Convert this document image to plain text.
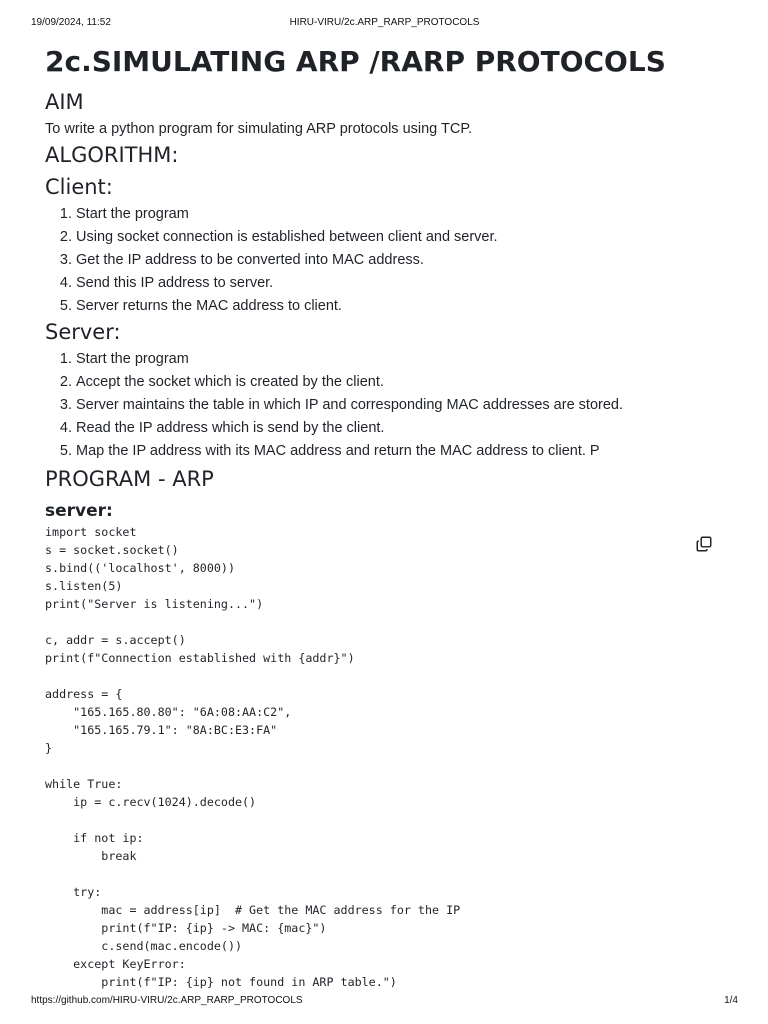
19/09/2024, 11:52	HIRU-VIRU/2c.ARP_RARP_PROTOCOLS
2c.SIMULATING ARP /RARP PROTOCOLS
AIM

To write a python program for simulating ARP protocols using TCP.

ALGORITHM:
Client:
1. Start the program
2. Using socket connection is established between client and server.
3. Get the IP address to be converted into MAC address.
4. Send this IP address to server.
5. Server returns the MAC address to client.
Server:
1. Start the program
2. Accept the socket which is created by the client.
3. Server maintains the table in which IP and corresponding MAC addresses are stored.
4. Read the IP address which is send by the client.
5. Map the IP address with its MAC address and return the MAC address to client. P
PROGRAM - ARP
server:
import socket
s = socket.socket()
s.bind(('localhost', 8000))
s.listen(5)
print("Server is listening...")

c, addr = s.accept()
print(f"Connection established with {addr}")

address = {
"165.165.80.80": "6A:08:AA:C2",
"165.165.79.1": "8A:BC:E3:FA"
}

while True:
ip = c.recv(1024).decode()

if not ip:
break

try:
mac = address[ip]  # Get the MAC address for the IP
print(f"IP: {ip} -> MAC: {mac}")
c.send(mac.encode())
except KeyError:
print(f"IP: {ip} not found in ARP table.")
https://github.com/HIRU-VIRU/2c.ARP_RARP_PROTOCOLS	1/4
